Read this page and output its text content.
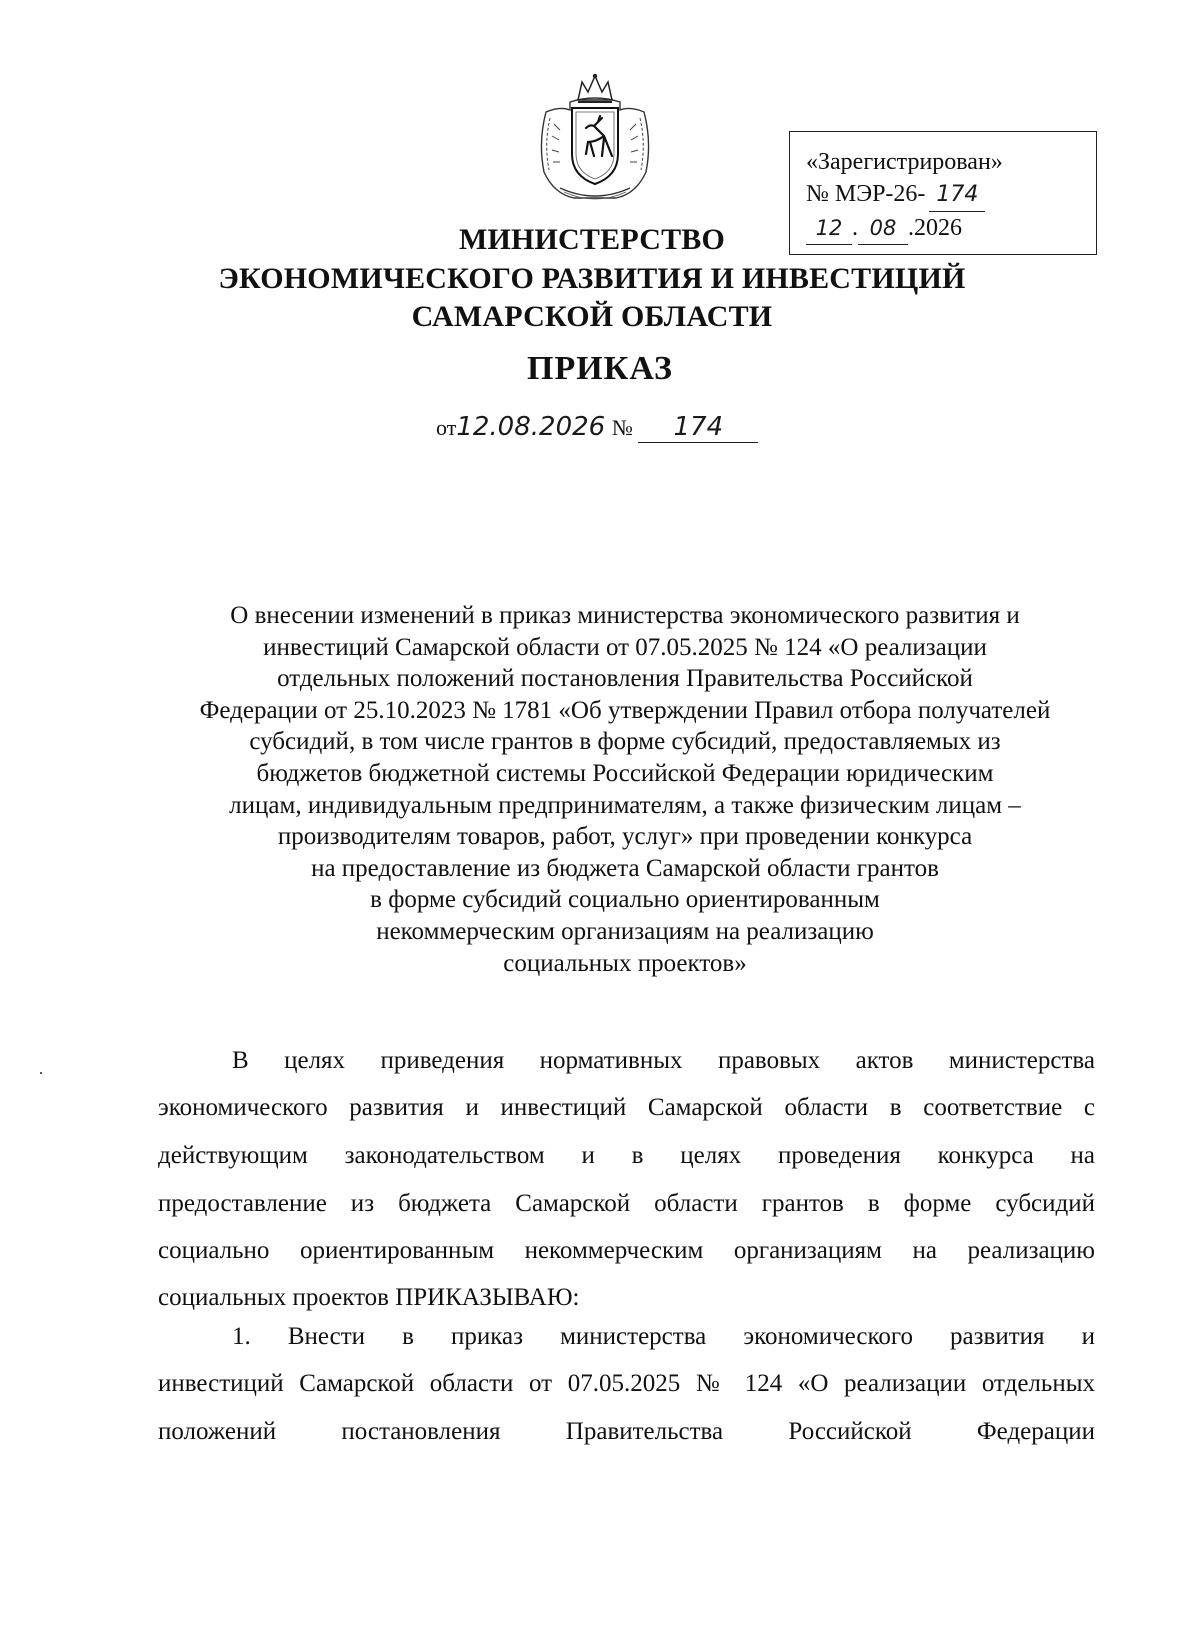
«Зарегистрирован»
№ МЭР-26- 174
12 . 08 .2026
МИНИСТЕРСТВО
ЭКОНОМИЧЕСКОГО РАЗВИТИЯ И ИНВЕСТИЦИЙ
САМАРСКОЙ ОБЛАСТИ
ПРИКАЗ
от12.08.2026 № 174
О внесении изменений в приказ министерства экономического развития и
инвестиций Самарской области от 07.05.2025 № 124 «О реализации
отдельных положений постановления Правительства Российской
Федерации от 25.10.2023 № 1781 «Об утверждении Правил отбора получателей
субсидий, в том числе грантов в форме субсидий, предоставляемых из
бюджетов бюджетной системы Российской Федерации юридическим
лицам, индивидуальным предпринимателям, а также физическим лицам –
производителям товаров, работ, услуг» при проведении конкурса
на предоставление из бюджета Самарской области грантов
в форме субсидий социально ориентированным
некоммерческим организациям на реализацию
социальных проектов»
В целях приведения нормативных правовых актов министерства
экономического развития и инвестиций Самарской области в соответствие с
действующим законодательством и в целях проведения конкурса на
предоставление из бюджета Самарской области грантов в форме субсидий
социально ориентированным некоммерческим организациям на реализацию
социальных проектов ПРИКАЗЫВАЮ:
1. Внести в приказ министерства экономического развития и
инвестиций Самарской области от 07.05.2025 № 124 «О реализации отдельных
положений постановления Правительства Российской Федерации
